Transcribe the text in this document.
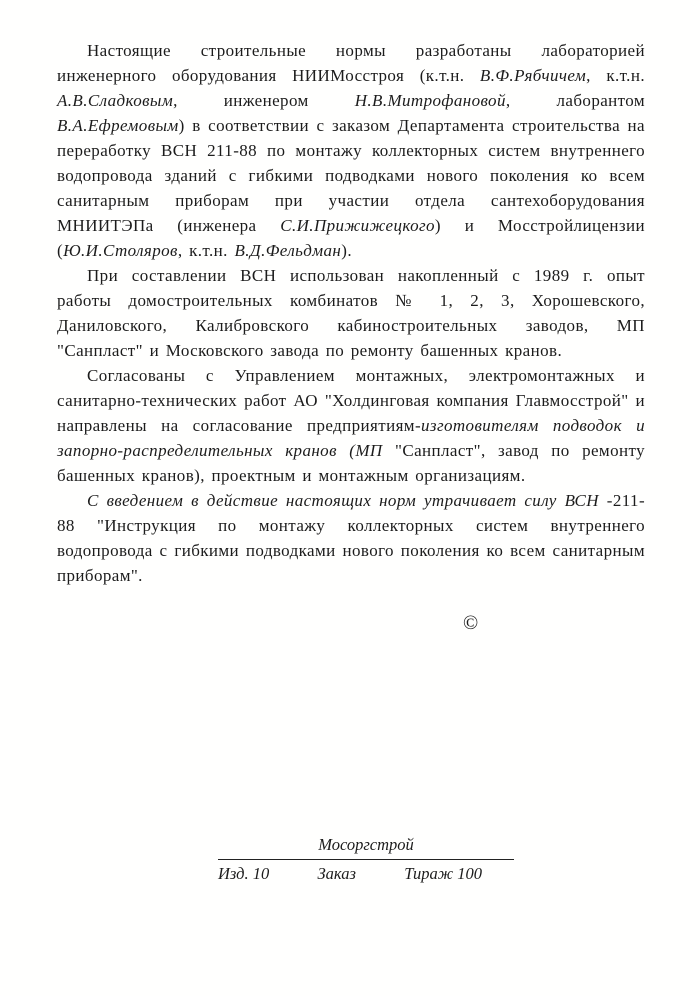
Настоящие строительные нормы разработаны лабораторией инженерного оборудования НИИМосстроя (к.т.н. В.Ф.Рябчичем, к.т.н. А.В.Сладковым, инженером Н.В.Митрофановой, лаборантом В.А.Ефремовым) в соответствии с заказом Департамента строительства на переработку ВСН 211-88 по монтажу коллекторных систем внутреннего водопровода зданий с гибкими подводками нового поколения ко всем санитарным приборам при участии отдела сантехоборудования МНИИТЭПа (инженера С.И.Прижижецкого) и Мосстройлицензии (Ю.И.Столяров, к.т.н. В.Д.Фельдман).

При составлении ВСН использован накопленный с 1989 г. опыт работы домостроительных комбинатов № 1, 2, 3, Хорошевского, Даниловского, Калибровского кабиностроительных заводов, МП "Санпласт" и Московского завода по ремонту башенных кранов.

Согласованы с Управлением монтажных, электромонтажных и санитарно-технических работ АО "Холдинговая компания Главмосстрой" и направлены на согласование предприятиям-изготовителям подводок и запорно-распределительных кранов (МП "Санпласт", завод по ремонту башенных кранов), проектным и монтажным организациям.

С введением в действие настоящих норм утрачивает силу ВСН -211-88 "Инструкция по монтажу коллекторных систем внутреннего водопровода с гибкими подводками нового поколения ко всем санитарным приборам".

©
Мосоргстрой
Изд. 10	Заказ	Тираж 100
